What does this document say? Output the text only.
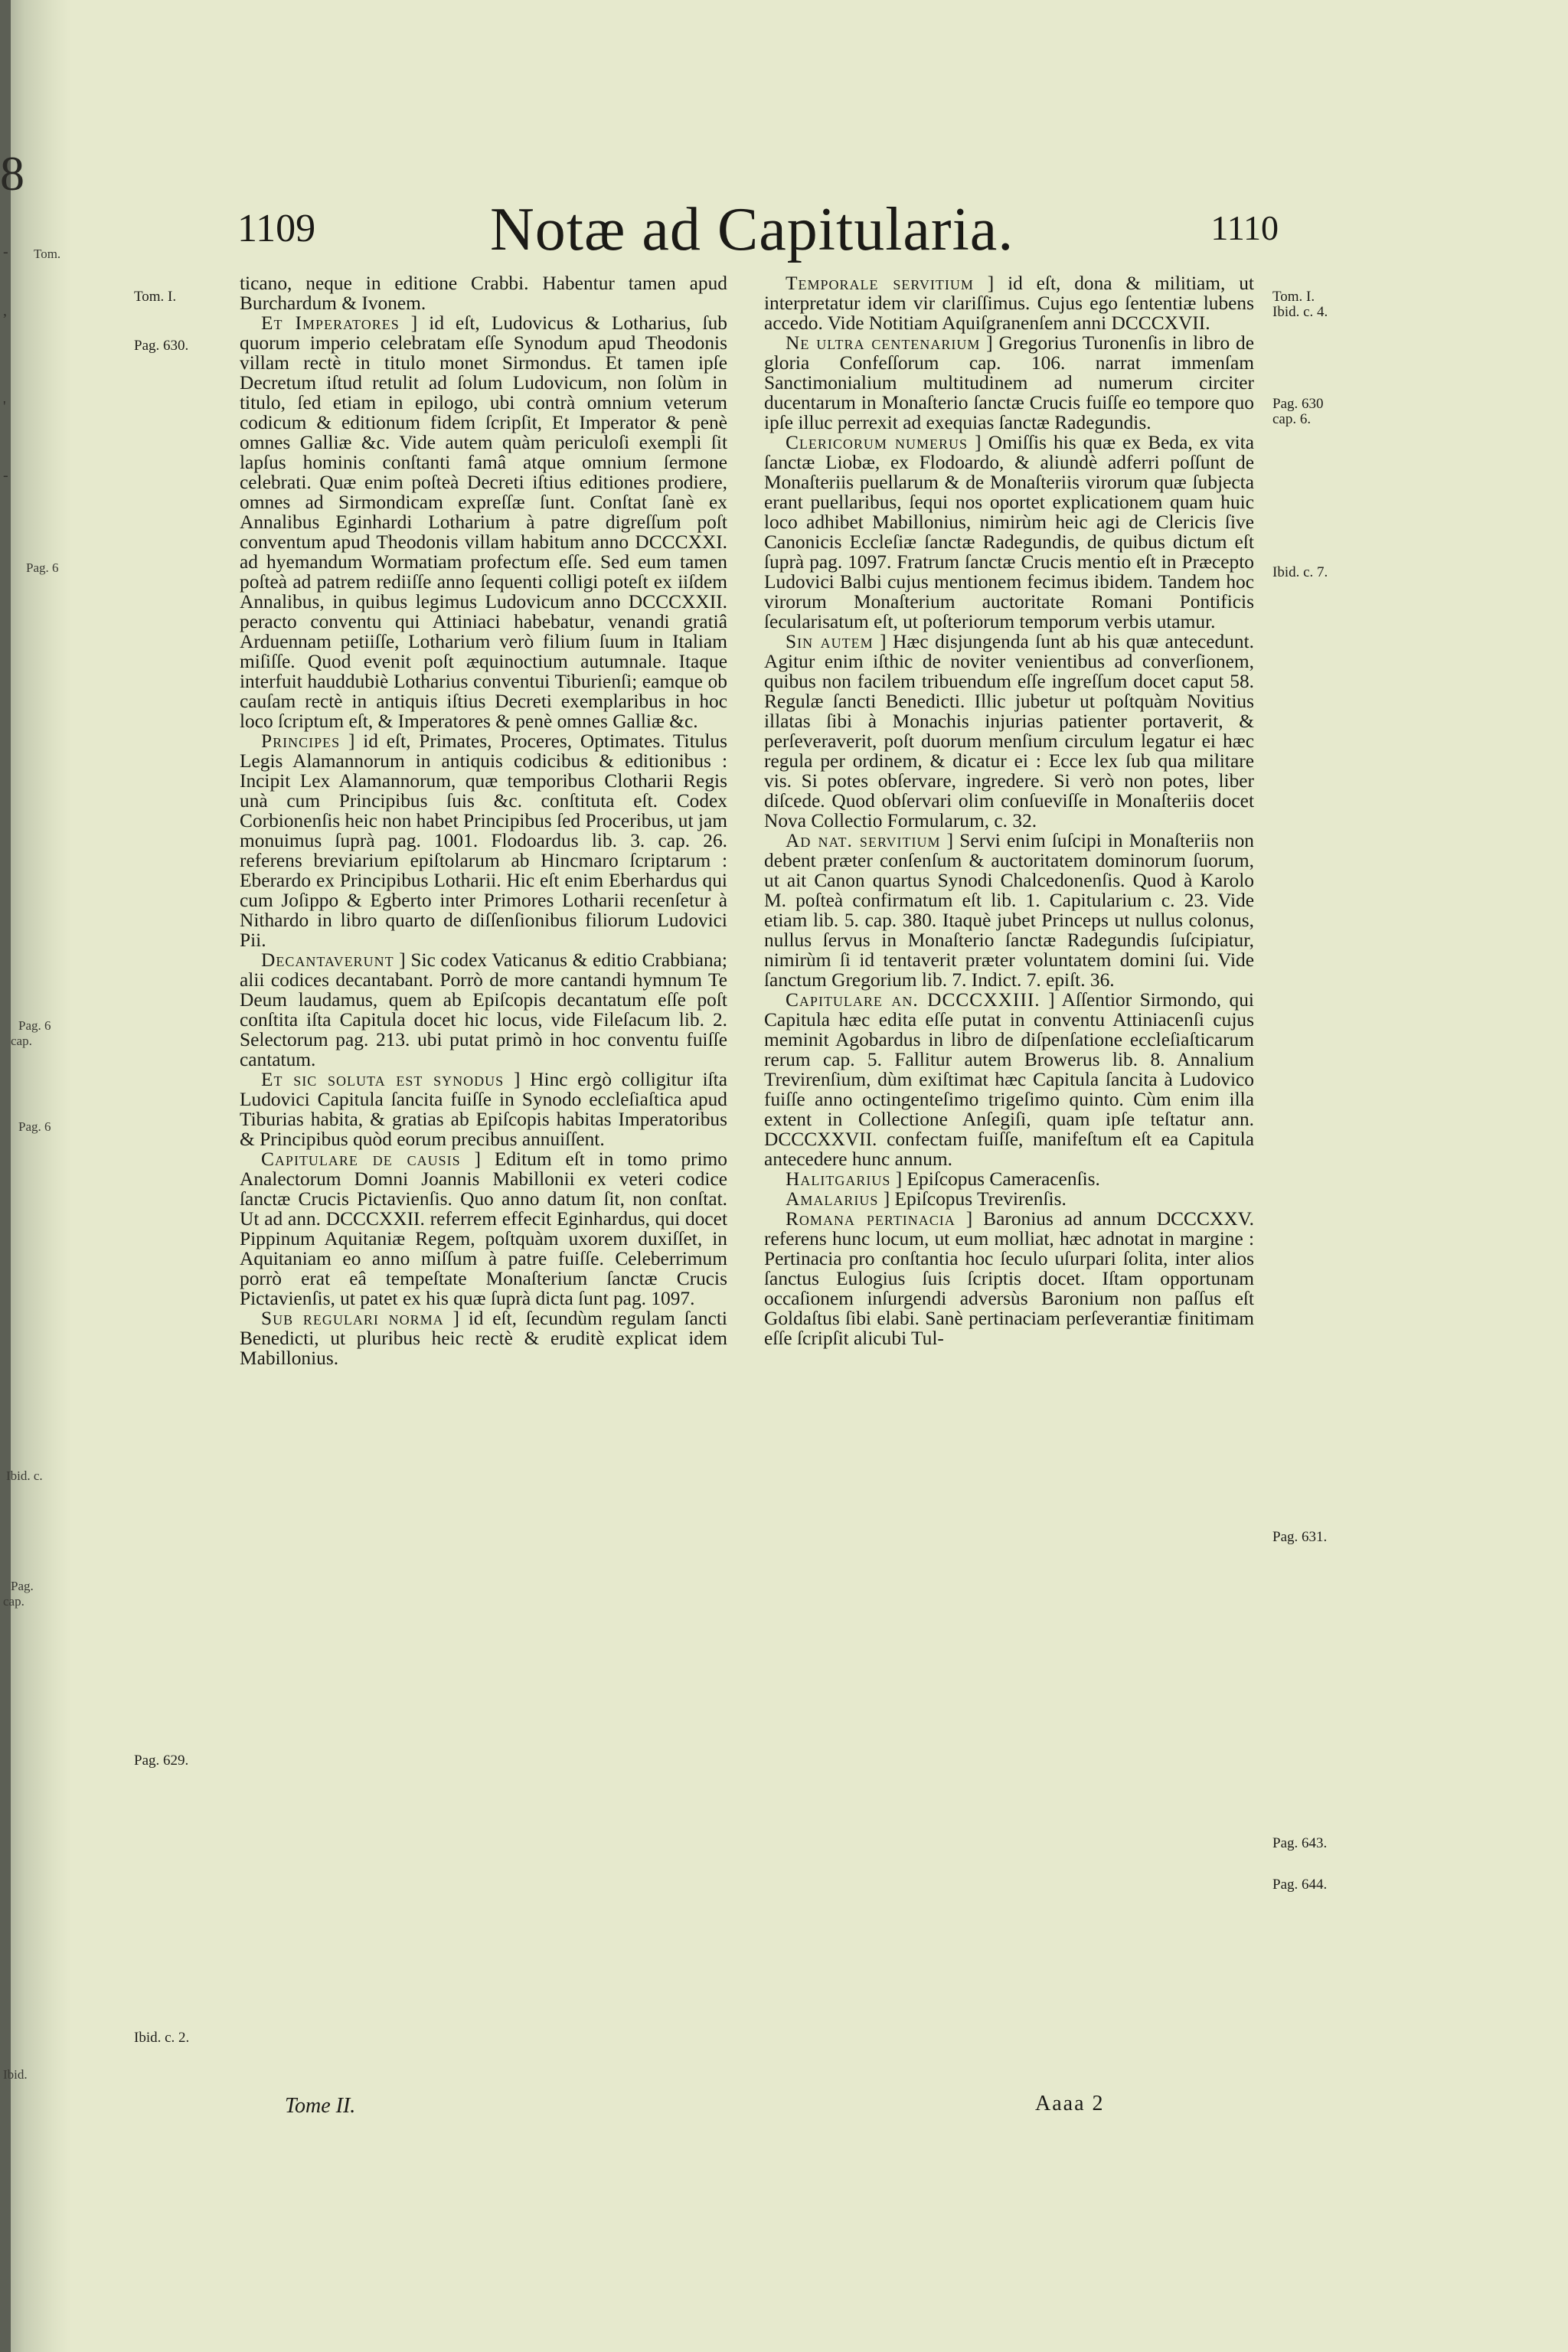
8
-
,
'
-
Tom.
Pag. 6
Pag. 6
cap.
Pag. 6
Ibid. c.
Pag.
cap.
Ibid.
1109	Notæ ad Capitularia.	1110
Tom. I.
Pag. 630.
Pag. 629.
Ibid. c. 2.
Tom. I.
Ibid. c. 4.
Pag. 630
cap. 6.
Ibid. c. 7.
Pag. 631.
Pag. 643.
Pag. 644.

ticano, neque in editione Crabbi. Habentur tamen apud Burchardum & Ivonem.

Et Imperatores ] id eſt, Ludovicus & Lotharius, ſub quorum imperio celebratam eſſe Synodum apud Theodonis villam rectè in titulo monet Sirmondus. Et tamen ipſe Decretum iſtud retulit ad ſolum Ludovicum, non ſolùm in titulo, ſed etiam in epilogo, ubi contrà omnium veterum codicum & editionum fidem ſcripſit, Et Imperator & penè omnes Galliæ &c. Vide autem quàm periculoſi exempli ſit lapſus hominis conſtanti famâ atque omnium ſermone celebrati. Quæ enim poſteà Decreti iſtius editiones prodiere, omnes ad Sirmondicam expreſſæ ſunt. Conſtat ſanè ex Annalibus Eginhardi Lotharium à patre digreſſum poſt conventum apud Theodonis villam habitum anno DCCCXXI. ad hyemandum Wormatiam profectum eſſe. Sed eum tamen poſteà ad patrem rediiſſe anno ſequenti colligi poteſt ex iiſdem Annalibus, in quibus legimus Ludovicum anno DCCCXXII. peracto conventu qui Attiniaci habebatur, venandi gratiâ Arduennam petiiſſe, Lotharium verò filium ſuum in Italiam miſiſſe. Quod evenit poſt æquinoctium autumnale. Itaque interfuit hauddubiè Lotharius conventui Tiburienſi; eamque ob cauſam rectè in antiquis iſtius Decreti exemplaribus in hoc loco ſcriptum eſt, & Imperatores & penè omnes Galliæ &c.

Principes ] id eſt, Primates, Proceres, Optimates. Titulus Legis Alamannorum in antiquis codicibus & editionibus : Incipit Lex Alamannorum, quæ temporibus Clotharii Regis unà cum Principibus ſuis &c. conſtituta eſt. Codex Corbionenſis heic non habet Principibus ſed Proceribus, ut jam monuimus ſuprà pag. 1001. Flodoardus lib. 3. cap. 26. referens breviarium epiſtolarum ab Hincmaro ſcriptarum : Eberardo ex Principibus Lotharii. Hic eſt enim Eberhardus qui cum Joſippo & Egberto inter Primores Lotharii recenſetur à Nithardo in libro quarto de diſſenſionibus filiorum Ludovici Pii.

Decantaverunt ] Sic codex Vaticanus & editio Crabbiana; alii codices decantabant. Porrò de more cantandi hymnum Te Deum laudamus, quem ab Epiſcopis decantatum eſſe poſt conſtita iſta Capitula docet hic locus, vide Fileſacum lib. 2. Selectorum pag. 213. ubi putat primò in hoc conventu fuiſſe cantatum.

Et sic soluta est synodus ] Hinc ergò colligitur iſta Ludovici Capitula ſancita fuiſſe in Synodo eccleſiaſtica apud Tiburias habita, & gratias ab Epiſcopis habitas Imperatoribus & Principibus quòd eorum precibus annuiſſent.

Capitulare de causis ] Editum eſt in tomo primo Analectorum Domni Joannis Mabillonii ex veteri codice ſanctæ Crucis Pictavienſis. Quo anno datum ſit, non conſtat. Ut ad ann. DCCCXXII. referrem effecit Eginhardus, qui docet Pippinum Aquitaniæ Regem, poſtquàm uxorem duxiſſet, in Aquitaniam eo anno miſſum à patre fuiſſe. Celeberrimum porrò erat eâ tempeſtate Monaſterium ſanctæ Crucis Pictavienſis, ut patet ex his quæ ſuprà dicta ſunt pag. 1097.

Sub regulari norma ] id eſt, ſecundùm regulam ſancti Benedicti, ut pluribus heic rectè & eruditè explicat idem Mabillonius.

Temporale servitium ] id eſt, dona & militiam, ut interpretatur idem vir clariſſimus. Cujus ego ſententiæ lubens accedo. Vide Notitiam Aquiſgranenſem anni DCCCXVII.

Ne ultra centenarium ] Gregorius Turonenſis in libro de gloria Confeſſorum cap. 106. narrat immenſam Sanctimonialium multitudinem ad numerum circiter ducentarum in Monaſterio ſanctæ Crucis fuiſſe eo tempore quo ipſe illuc perrexit ad exequias ſanctæ Radegundis.

Clericorum numerus ] Omiſſis his quæ ex Beda, ex vita ſanctæ Liobæ, ex Flodoardo, & aliundè adferri poſſunt de Monaſteriis puellarum & de Monaſteriis virorum quæ ſubjecta erant puellaribus, ſequi nos oportet explicationem quam huic loco adhibet Mabillonius, nimirùm heic agi de Clericis ſive Canonicis Eccleſiæ ſanctæ Radegundis, de quibus dictum eſt ſuprà pag. 1097. Fratrum ſanctæ Crucis mentio eſt in Præcepto Ludovici Balbi cujus mentionem fecimus ibidem. Tandem hoc virorum Monaſterium auctoritate Romani Pontificis ſecularisatum eſt, ut poſteriorum temporum verbis utamur.

Sin autem ] Hæc disjungenda ſunt ab his quæ antecedunt. Agitur enim iſthic de noviter venientibus ad converſionem, quibus non facilem tribuendum eſſe ingreſſum docet caput 58. Regulæ ſancti Benedicti. Illic jubetur ut poſtquàm Novitius illatas ſibi à Monachis injurias patienter portaverit, & perſeveraverit, poſt duorum menſium circulum legatur ei hæc regula per ordinem, & dicatur ei : Ecce lex ſub qua militare vis. Si potes obſervare, ingredere. Si verò non potes, liber diſcede. Quod obſervari olim conſueviſſe in Monaſteriis docet Nova Collectio Formularum, c. 32.

Ad nat. servitium ] Servi enim ſuſcipi in Monaſteriis non debent præter conſenſum & auctoritatem dominorum ſuorum, ut ait Canon quartus Synodi Chalcedonenſis. Quod à Karolo M. poſteà confirmatum eſt lib. 1. Capitularium c. 23. Vide etiam lib. 5. cap. 380. Itaquè jubet Princeps ut nullus colonus, nullus ſervus in Monaſterio ſanctæ Radegundis ſuſcipiatur, nimirùm ſi id tentaverit præter voluntatem domini ſui. Vide ſanctum Gregorium lib. 7. Indict. 7. epiſt. 36.

Capitulare an. DCCCXXIII. ] Aſſentior Sirmondo, qui Capitula hæc edita eſſe putat in conventu Attiniacenſi cujus meminit Agobardus in libro de diſpenſatione eccleſiaſticarum rerum cap. 5. Fallitur autem Browerus lib. 8. Annalium Trevirenſium, dùm exiſtimat hæc Capitula ſancita à Ludovico fuiſſe anno octingenteſimo trigeſimo quinto. Cùm enim illa extent in Collectione Anſegiſi, quam ipſe teſtatur ann. DCCCXXVII. confectam fuiſſe, manifeſtum eſt ea Capitula antecedere hunc annum.

Halitgarius ] Epiſcopus Cameracenſis.

Amalarius ] Epiſcopus Trevirenſis.

Romana pertinacia ] Baronius ad annum DCCCXXV. referens hunc locum, ut eum molliat, hæc adnotat in margine : Pertinacia pro conſtantia hoc ſeculo uſurpari ſolita, inter alios ſanctus Eulogius ſuis ſcriptis docet. Iſtam opportunam occaſionem inſurgendi adversùs Baronium non paſſus eſt Goldaſtus ſibi elabi. Sanè pertinaciam perſeverantiæ finitimam eſſe ſcripſit alicubi Tul-

Tome II.	Aaaa 2
